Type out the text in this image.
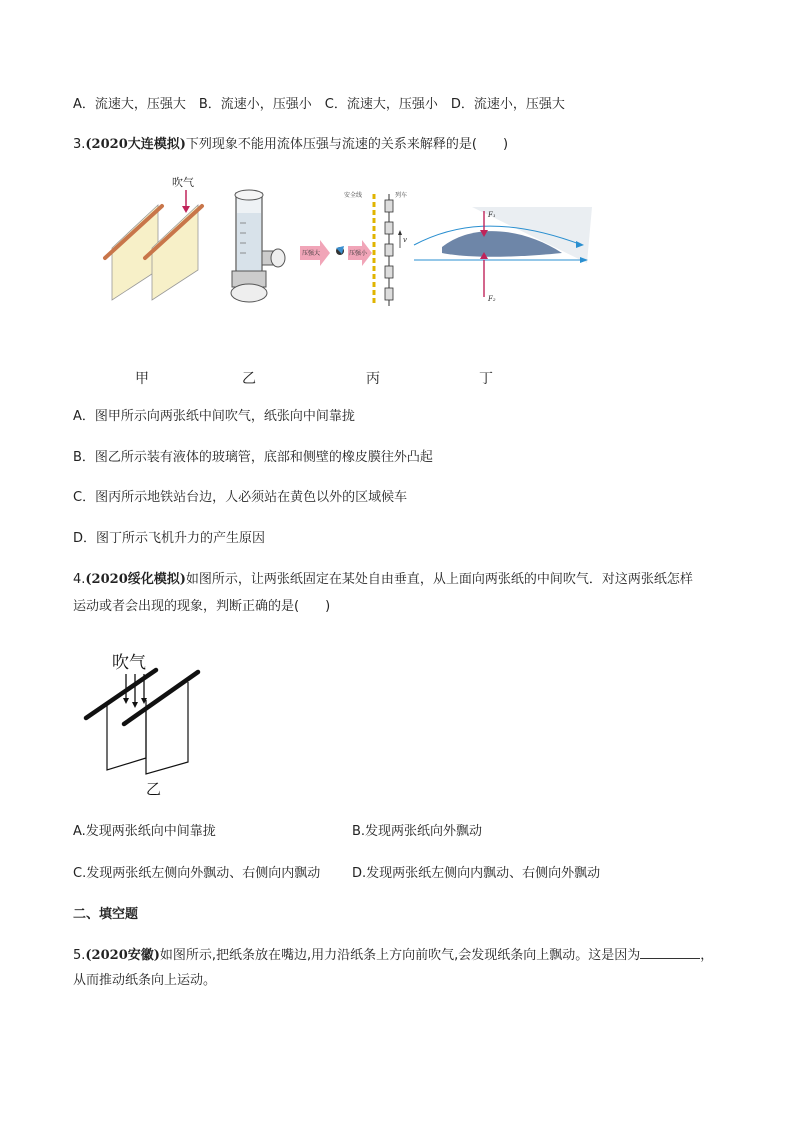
A．流速大，压强大　B．流速小，压强小　C．流速大，压强小　D．流速小，压强大
3.(2020大连模拟)下列现象不能用流体压强与流速的关系来解释的是(　　)
吹气
安全线	列车
压强大	压强小
v
F₁
F₂
甲	乙	丙	丁
A．图甲所示向两张纸中间吹气，纸张向中间靠拢
B．图乙所示装有液体的玻璃管，底部和侧壁的橡皮膜往外凸起
C．图丙所示地铁站台边，人必须站在黄色以外的区域候车
D．图丁所示飞机升力的产生原因
4.(2020绥化模拟)如图所示，让两张纸固定在某处自由垂直，从上面向两张纸的中间吹气．对这两张纸怎样
运动或者会出现的现象，判断正确的是(　　)
吹气
乙
A.发现两张纸向中间靠拢	B.发现两张纸向外飘动
C.发现两张纸左侧向外飘动、右侧向内飘动 D.发现两张纸左侧向内飘动、右侧向外飘动
二、填空题
5.(2020安徽)如图所示,把纸条放在嘴边,用力沿纸条上方向前吹气,会发现纸条向上飘动。这是因为	，
从而推动纸条向上运动。
